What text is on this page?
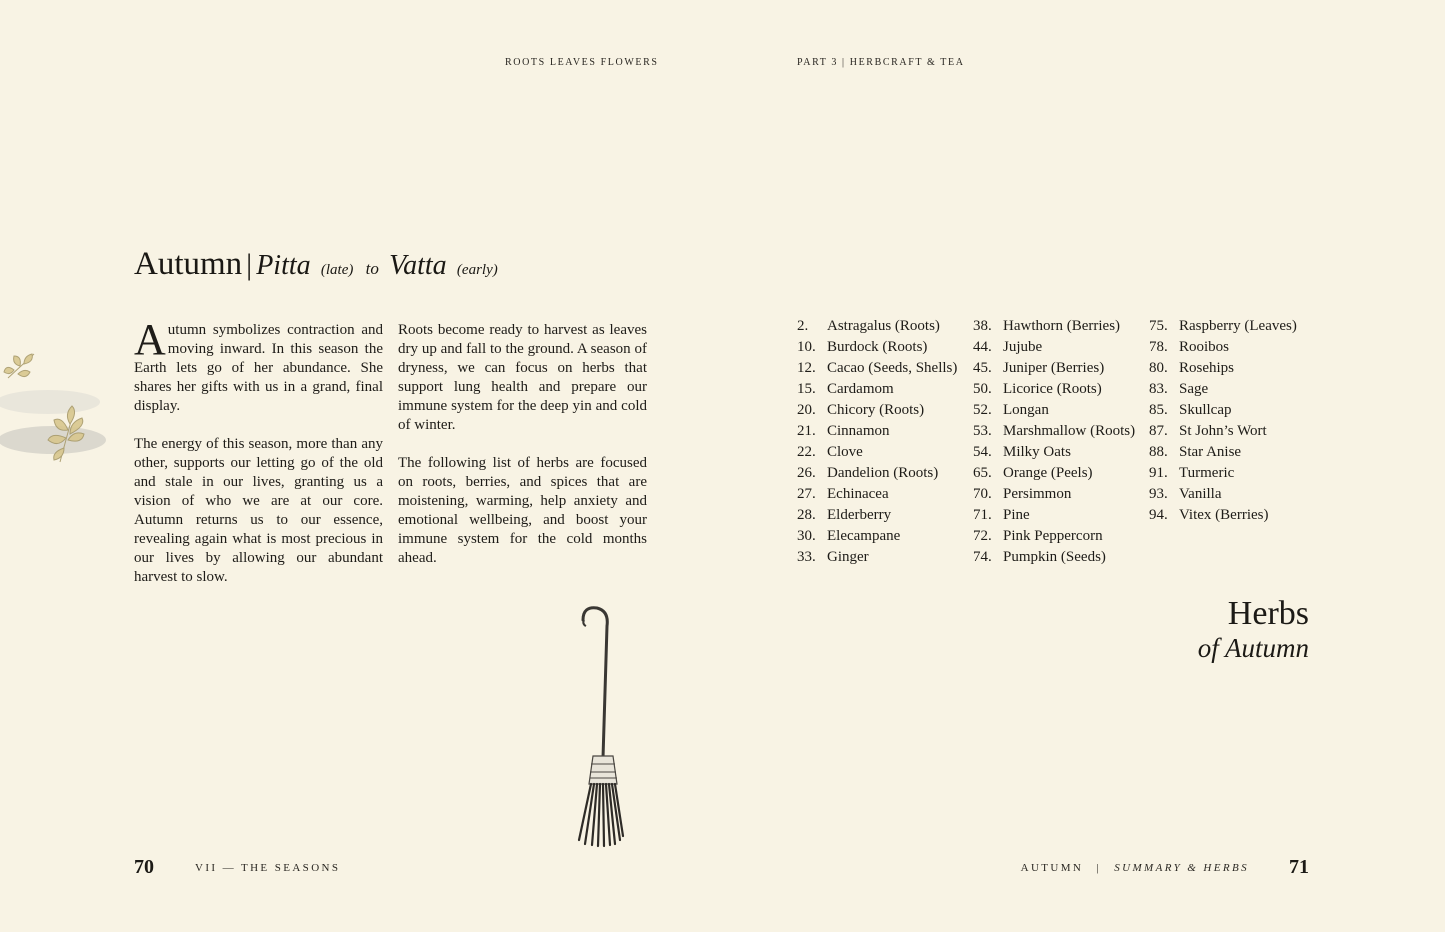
ROOTS LEAVES FLOWERS	PART 3 | HERBCRAFT & TEA
Autumn | Pitta (late) to Vatta (early)

Autumn symbolizes contraction and moving inward. In this season the Earth lets go of her abundance. She shares her gifts with us in a grand, final display.

The energy of this season, more than any other, supports our letting go of the old and stale in our lives, granting us a vision of who we are at our core. Autumn returns us to our essence, revealing again what is most precious in our lives by allowing our abundant harvest to slow.

Roots become ready to harvest as leaves dry up and fall to the ground. A season of dryness, we can focus on herbs that support lung health and prepare our immune system for the deep yin and cold of winter.

The following list of herbs are focused on roots, berries, and spices that are moistening, warming, help anxiety and emotional wellbeing, and boost your immune system for the cold months ahead.

2. Astragalus (Roots)
10. Burdock (Roots)
12. Cacao (Seeds, Shells)
15. Cardamom
20. Chicory (Roots)
21. Cinnamon
22. Clove
26. Dandelion (Roots)
27. Echinacea
28. Elderberry
30. Elecampane
33. Ginger
38. Hawthorn (Berries)
44. Jujube
45. Juniper (Berries)
50. Licorice (Roots)
52. Longan
53. Marshmallow (Roots)
54. Milky Oats
65. Orange (Peels)
70. Persimmon
71. Pine
72. Pink Peppercorn
74. Pumpkin (Seeds)
75. Raspberry (Leaves)
78. Rooibos
80. Rosehips
83. Sage
85. Skullcap
87. St John’s Wort
88. Star Anise
91. Turmeric
93. Vanilla
94. Vitex (Berries)
Herbs
of Autumn
70	VII — THE SEASONS	AUTUMN | SUMMARY & HERBS 71
